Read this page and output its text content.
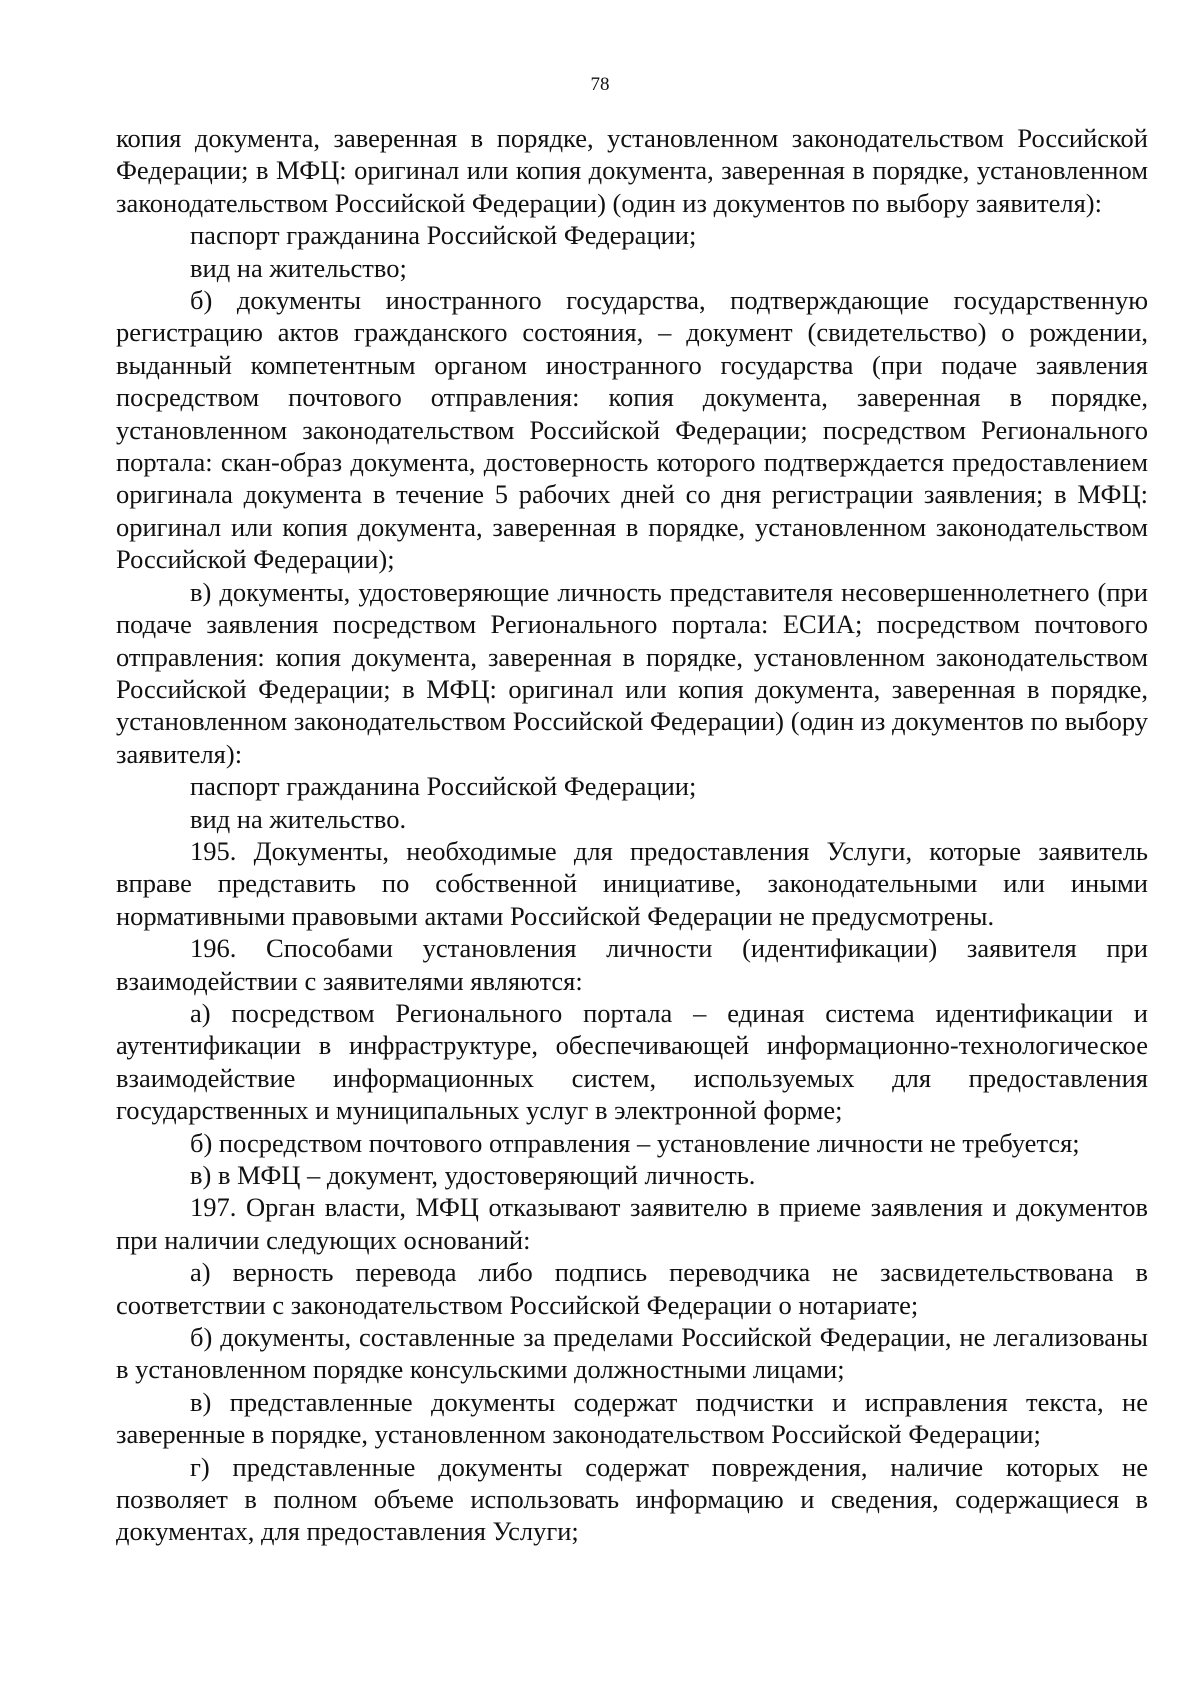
78

копия документа, заверенная в порядке, установленном законодательством Российской Федерации; в МФЦ: оригинал или копия документа, заверенная в порядке, установленном законодательством Российской Федерации) (один из документов по выбору заявителя):

паспорт гражданина Российской Федерации;

вид на жительство;

б) документы иностранного государства, подтверждающие государственную регистрацию актов гражданского состояния, – документ (свидетельство) о рождении, выданный компетентным органом иностранного государства (при подаче заявления посредством почтового отправления: копия документа, заверенная в порядке, установленном законодательством Российской Федерации; посредством Регионального портала: скан-образ документа, достоверность которого подтверждается предоставлением оригинала документа в течение 5 рабочих дней со дня регистрации заявления; в МФЦ: оригинал или копия документа, заверенная в порядке, установленном законодательством Российской Федерации);

в) документы, удостоверяющие личность представителя несовершеннолетнего (при подаче заявления посредством Регионального портала: ЕСИА; посредством почтового отправления: копия документа, заверенная в порядке, установленном законодательством Российской Федерации; в МФЦ: оригинал или копия документа, заверенная в порядке, установленном законодательством Российской Федерации) (один из документов по выбору заявителя):

паспорт гражданина Российской Федерации;

вид на жительство.

195. Документы, необходимые для предоставления Услуги, которые заявитель вправе представить по собственной инициативе, законодательными или иными нормативными правовыми актами Российской Федерации не предусмотрены.

196. Способами установления личности (идентификации) заявителя при взаимодействии с заявителями являются:

а) посредством Регионального портала – единая система идентификации и аутентификации в инфраструктуре, обеспечивающей информационно-технологическое взаимодействие информационных систем, используемых для предоставления государственных и муниципальных услуг в электронной форме;

б) посредством почтового отправления – установление личности не требуется;

в) в МФЦ – документ, удостоверяющий личность.

197. Орган власти, МФЦ отказывают заявителю в приеме заявления и документов при наличии следующих оснований:

а) верность перевода либо подпись переводчика не засвидетельствована в соответствии с законодательством Российской Федерации о нотариате;

б) документы, составленные за пределами Российской Федерации, не легализованы в установленном порядке консульскими должностными лицами;

в) представленные документы содержат подчистки и исправления текста, не заверенные в порядке, установленном законодательством Российской Федерации;

г) представленные документы содержат повреждения, наличие которых не позволяет в полном объеме использовать информацию и сведения, содержащиеся в документах, для предоставления Услуги;
